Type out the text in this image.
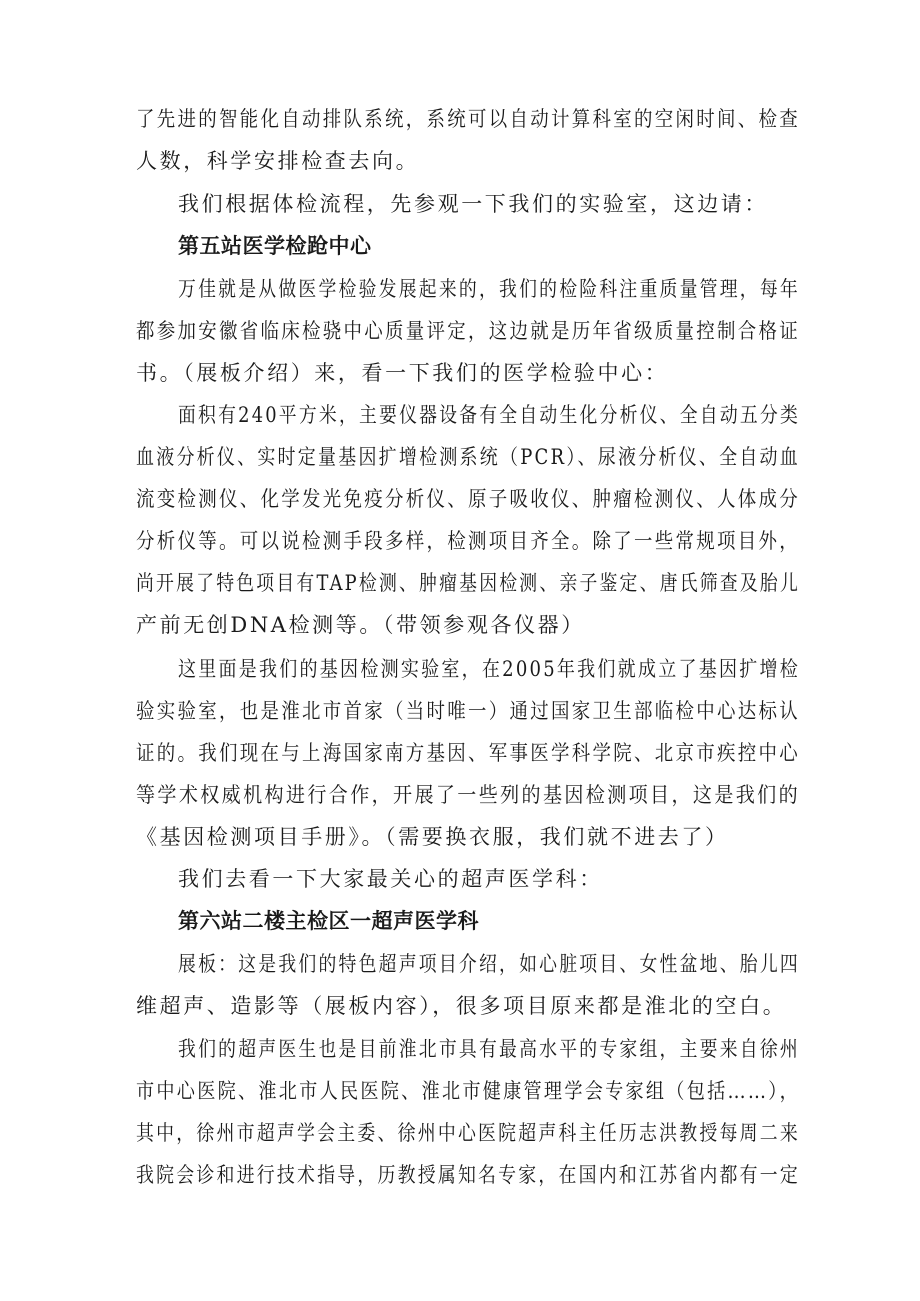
了先进的智能化自动排队系统，系统可以自动计算科室的空闲时间、检查
人数，科学安排检查去向。
我们根据体检流程，先参观一下我们的实验室，这边请：
第五站医学检跄中心
万佳就是从做医学检验发展起来的，我们的检险科注重质量管理，每年
都参加安徽省临床检骁中心质量评定，这边就是历年省级质量控制合格证
书。（展板介绍）来，看一下我们的医学检验中心：
面积有240平方米，主要仪器设备有全自动生化分析仪、全自动五分类
血液分析仪、实时定量基因扩增检测系统（PCR）、尿液分析仪、全自动血
流变检测仪、化学发光免疫分析仪、原子吸收仪、肿瘤检测仪、人体成分
分析仪等。可以说检测手段多样，检测项目齐全。除了一些常规项目外，
尚开展了特色项目有TAP检测、肿瘤基因检测、亲子鉴定、唐氏筛查及胎儿
产前无创DNA检测等。（带领参观各仪器）
这里面是我们的基因检测实验室，在2005年我们就成立了基因扩增检
验实验室，也是淮北市首家（当时唯一）通过国家卫生部临检中心达标认
证的。我们现在与上海国家南方基因、军事医学科学院、北京市疾控中心
等学术权威机构进行合作，开展了一些列的基因检测项目，这是我们的
《基因检测项目手册》。（需要换衣服，我们就不进去了）
我们去看一下大家最关心的超声医学科：
第六站二楼主检区一超声医学科
展板：这是我们的特色超声项目介绍，如心脏项目、女性盆地、胎儿四
维超声、造影等（展板内容），很多项目原来都是淮北的空白。
我们的超声医生也是目前淮北市具有最高水平的专家组，主要来自徐州
市中心医院、淮北市人民医院、淮北市健康管理学会专家组（包括……），
其中，徐州市超声学会主委、徐州中心医院超声科主任历志洪教授每周二来
我院会诊和进行技术指导，历教授属知名专家，在国内和江苏省内都有一定
